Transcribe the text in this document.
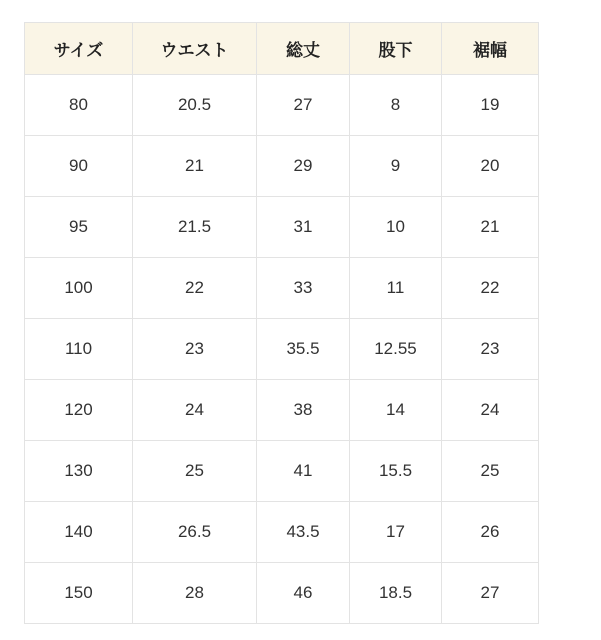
サイズ	ウエスト	総丈	股下	裾幅
80	20.5	27	8	19
90	21	29	9	20
95	21.5	31	10	21
100	22	33	11	22
110	23	35.5	12.55	23
120	24	38	14	24
130	25	41	15.5	25
140	26.5	43.5	17	26
150	28	46	18.5	27
